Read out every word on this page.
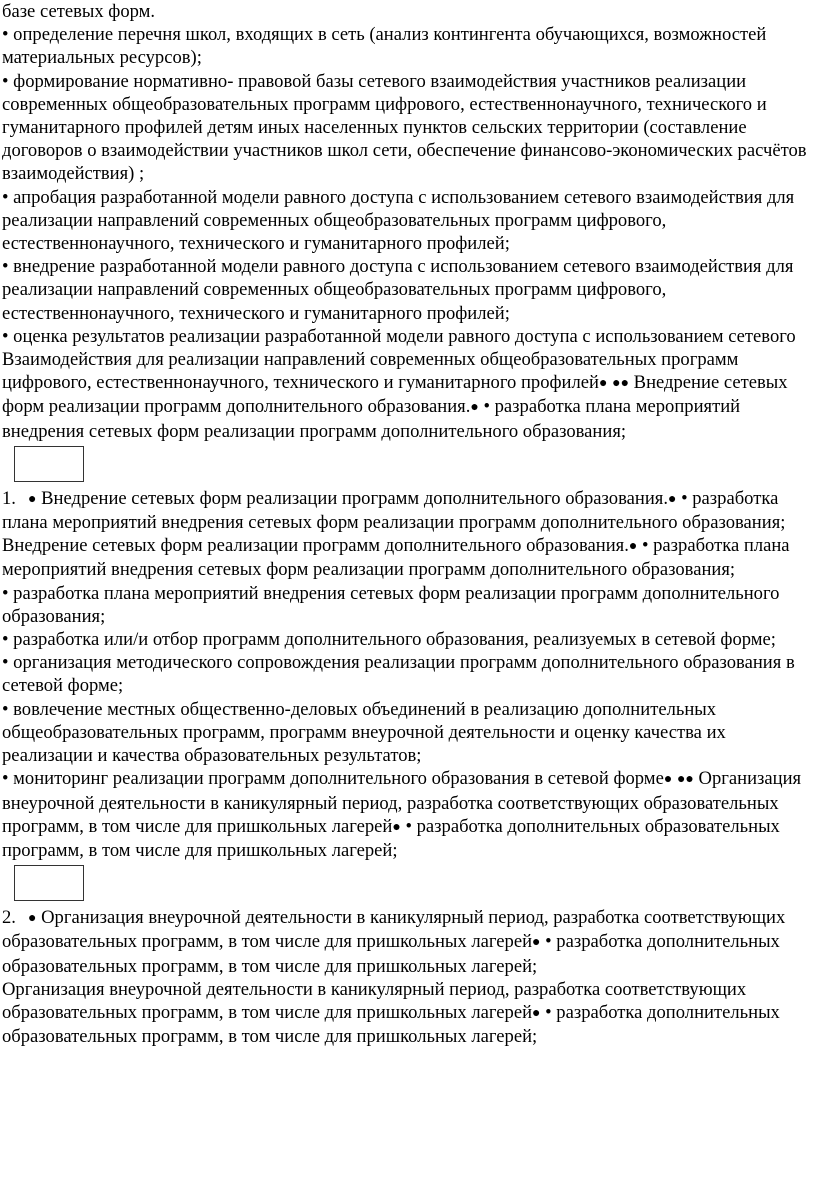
базе сетевых форм.

• определение перечня школ, входящих в сеть (анализ контингента обучающихся, возможностей материальных ресурсов);

• формирование нормативно- правовой базы сетевого взаимодействия участников реализации современных общеобразовательных программ цифрового, естественнонаучного, технического и гуманитарного профилей детям иных населенных пунктов сельских территории (составление договоров о взаимодействии участников школ сети, обеспечение финансово-экономических расчётов взаимодействия) ;

• апробация разработанной модели равного доступа с использованием сетевого взаимодействия для реализации направлений современных общеобразовательных программ цифрового, естественнонаучного, технического и гуманитарного профилей;

• внедрение разработанной модели равного доступа с использованием сетевого взаимодействия для реализации направлений современных общеобразовательных программ цифрового, естественнонаучного, технического и гуманитарного профилей;

• оценка результатов реализации разработанной модели равного доступа с использованием сетевого Взаимодействия для реализации направлений современных общеобразовательных программ цифрового, естественнонаучного, технического и гуманитарного профилей● ●● Внедрение сетевых форм реализации программ дополнительного образования.● • разработка плана мероприятий внедрения сетевых форм реализации программ дополнительного образования;

1. ● Внедрение сетевых форм реализации программ дополнительного образования.● • разработка плана мероприятий внедрения сетевых форм реализации программ дополнительного образования;

Внедрение сетевых форм реализации программ дополнительного образования.● • разработка плана мероприятий внедрения сетевых форм реализации программ дополнительного образования;

• разработка плана мероприятий внедрения сетевых форм реализации программ дополнительного образования;

• разработка или/и отбор программ дополнительного образования, реализуемых в сетевой форме;

• организация методического сопровождения реализации программ дополнительного образования в сетевой форме;

• вовлечение местных общественно-деловых объединений в реализацию дополнительных общеобразовательных программ, программ внеурочной деятельности и оценку качества их реализации и качества образовательных результатов;

• мониторинг реализации программ дополнительного образования в сетевой форме● ●● Организация внеурочной деятельности в каникулярный период, разработка соответствующих образовательных программ, в том числе для пришкольных лагерей● • разработка дополнительных образовательных программ, в том числе для пришкольных лагерей;

2. ● Организация внеурочной деятельности в каникулярный период, разработка соответствующих образовательных программ, в том числе для пришкольных лагерей● • разработка дополнительных образовательных программ, в том числе для пришкольных лагерей;

Организация внеурочной деятельности в каникулярный период, разработка соответствующих образовательных программ, в том числе для пришкольных лагерей● • разработка дополнительных образовательных программ, в том числе для пришкольных лагерей;
